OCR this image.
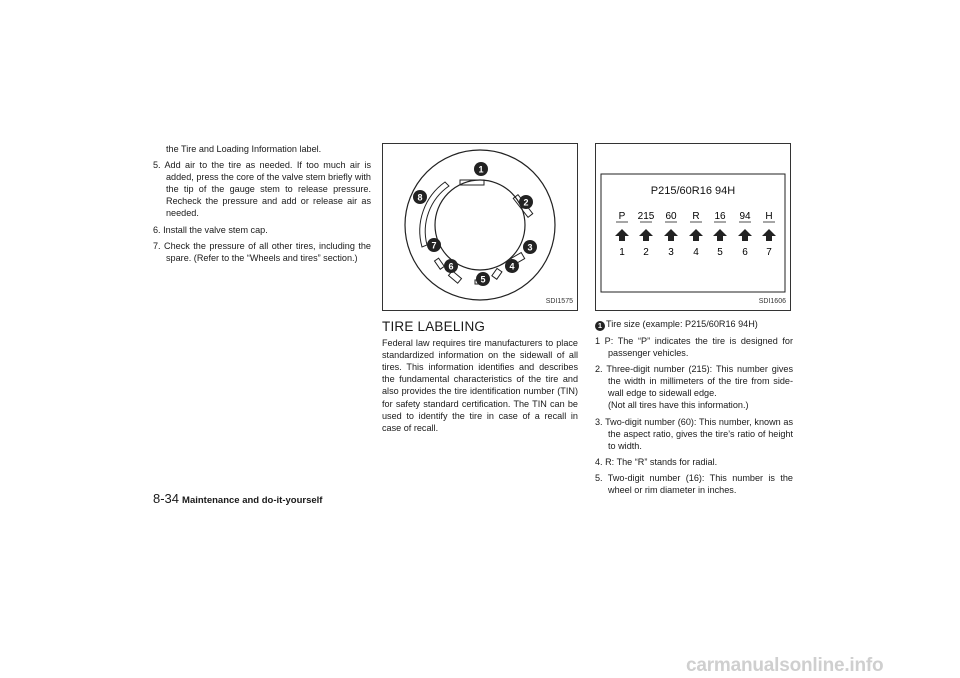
the Tire and Loading Information label.

5. Add air to the tire as needed. If too much air is added, press the core of the valve stem briefly with the tip of the gauge stem to release pressure. Recheck the pressure and add or release air as needed.

6. Install the valve stem cap.

7. Check the pressure of all other tires, including the spare. (Refer to the “Wheels and tires” section.)

1
2
3
4
5
6
7
8
SDI1575
TIRE LABELING

Federal law requires tire manufacturers to place standardized information on the sidewall of all tires. This information identifies and describes the fundamental characteristics of the tire and also provides the tire identification number (TIN) for safety standard certification. The TIN can be used to identify the tire in case of a recall in case of recall.

P215/60R16 94H
P
1
215
2
60
3
R
4
16
5
94
6
H
7
SDI1606

1 Tire size (example: P215/60R16 94H)

1 P: The “P” indicates the tire is designed for passenger vehicles.

2. Three-digit number (215): This number gives the width in millimeters of the tire from side-wall edge to sidewall edge.

(Not all tires have this information.)

3. Two-digit number (60): This number, known as the aspect ratio, gives the tire’s ratio of height to width.

4. R: The “R” stands for radial.

5. Two-digit number (16): This number is the wheel or rim diameter in inches.

8-34 Maintenance and do-it-yourself
carmanualsonline.info
